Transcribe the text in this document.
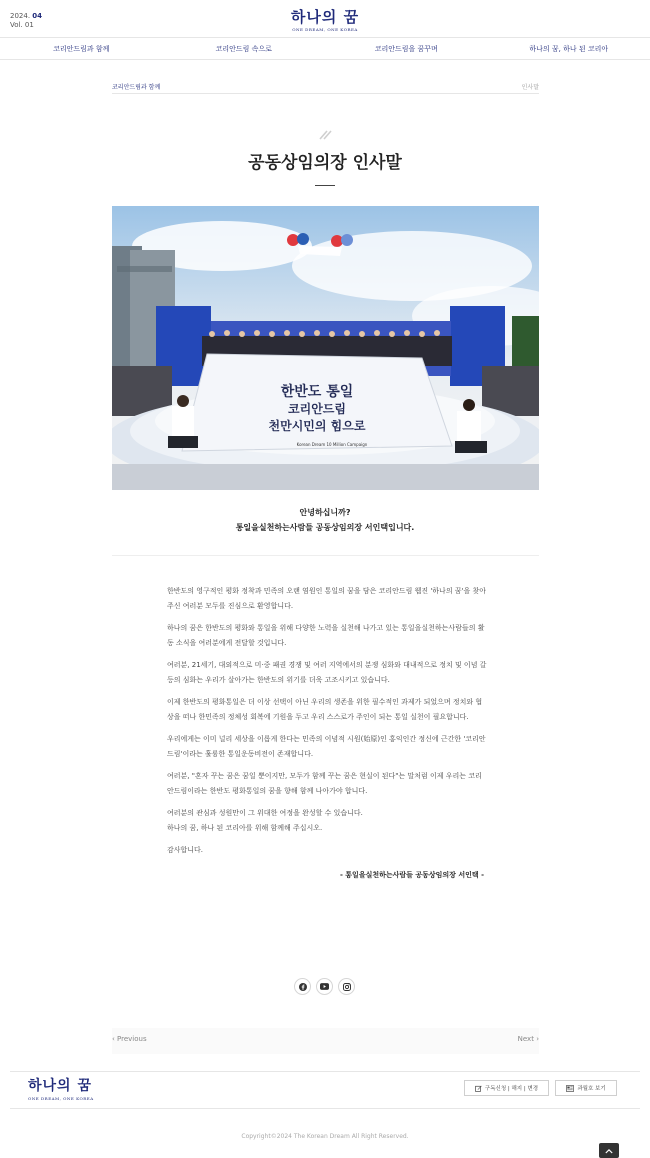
2024. 04
Vol. 01	하나의 꿈
ONE DREAM, ONE KOREA
코리안드림과 함께	코리안드림 속으로	코리안드림을 꿈꾸며	하나의 꿈, 하나 된 코리아
코리안드림과 함께	인사말
공동상임의장 인사말
한반도 통일
코리안드림
천만시민의 힘으로
Korean Dream 10 Million Campaign
안녕하십니까?
통일을실천하는사람들 공동상임의장 서인택입니다.

한반도의 영구적인 평화 정착과 민족의 오랜 염원인 통일의 꿈을 담은 코리안드림 웹진 '하나의 꿈'을 찾아주신 여러분 모두를 진심으로 환영합니다.

하나의 꿈은 한반도의 평화와 통일을 위해 다양한 노력을 실천해 나가고 있는 통일을실천하는사람들의 활동 소식을 여러분에게 전달할 것입니다.

여러분, 21세기, 대외적으로 미·중 패권 경쟁 및 여러 지역에서의 분쟁 심화와 대내적으로 정치 및 이념 갈등의 심화는 우리가 살아가는 한반도의 위기를 더욱 고조시키고 있습니다.

이제 한반도의 평화통일은 더 이상 선택이 아닌 우리의 생존을 위한 필수적인 과제가 되었으며 정치와 협상을 떠나 한민족의 정체성 회복에 기원을 두고 우리 스스로가 주인이 되는 통일 실천이 필요합니다.

우리에게는 이미 널리 세상을 이롭게 한다는 민족의 이념적 시원(始原)인 홍익인간 정신에 근간한 '코리안드림'이라는 훌륭한 통일운동비전이 존재합니다.

여러분, "혼자 꾸는 꿈은 꿈일 뿐이지만, 모두가 함께 꾸는 꿈은 현실이 된다"는 말처럼 이제 우리는 코리안드림이라는 한반도 평화통일의 꿈을 향해 함께 나아가야 합니다.

여러분의 관심과 성원만이 그 위대한 여정을 완성할 수 있습니다.
하나의 꿈, 하나 된 코리아를 위해 함께해 주십시오.

감사합니다.

- 통일을실천하는사람들 공동상임의장 서인택 -
‹ Previous	Next ›
하나의 꿈
ONE DREAM, ONE KOREA
구독신청 | 해지 | 변경	과월호 보기
Copyright©2024 The Korean Dream All Right Reserved.
